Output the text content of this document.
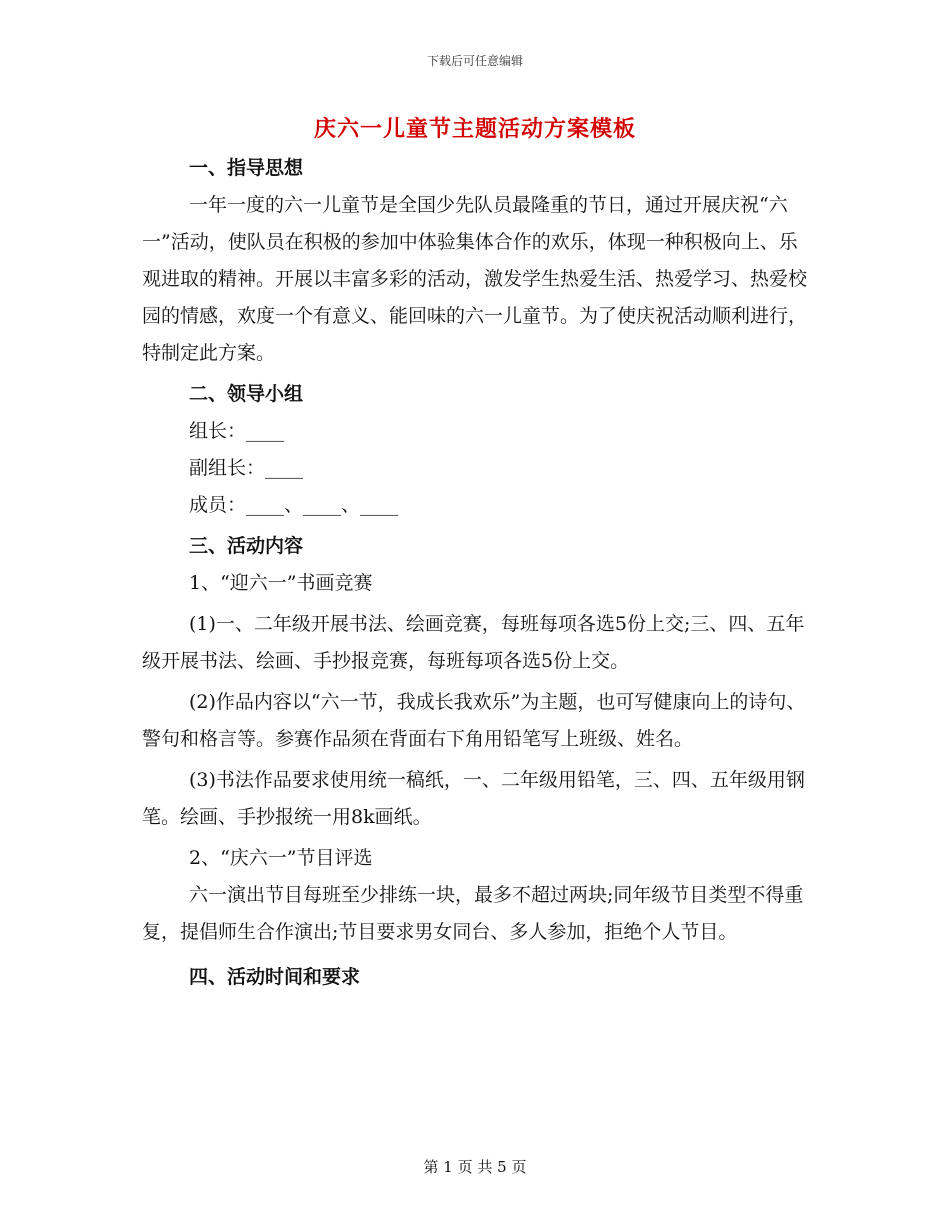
下载后可任意编辑
庆六一儿童节主题活动方案模板

一、指导思想

一年一度的六一儿童节是全国少先队员最隆重的节日，通过开展庆祝“六一”活动，使队员在积极的参加中体验集体合作的欢乐，体现一种积极向上、乐观进取的精神。开展以丰富多彩的活动，激发学生热爱生活、热爱学习、热爱校园的情感，欢度一个有意义、能回味的六一儿童节。为了使庆祝活动顺利进行，特制定此方案。

二、领导小组

组长：____

副组长：____

成员：____、____、____

三、活动内容

1、“迎六一”书画竞赛

(1)一、二年级开展书法、绘画竞赛，每班每项各选5份上交;三、四、五年级开展书法、绘画、手抄报竞赛，每班每项各选5份上交。

(2)作品内容以“六一节，我成长我欢乐”为主题，也可写健康向上的诗句、警句和格言等。参赛作品须在背面右下角用铅笔写上班级、姓名。

(3)书法作品要求使用统一稿纸，一、二年级用铅笔，三、四、五年级用钢笔。绘画、手抄报统一用8k画纸。

2、“庆六一”节目评选

六一演出节目每班至少排练一块，最多不超过两块;同年级节目类型不得重复，提倡师生合作演出;节目要求男女同台、多人参加，拒绝个人节目。

四、活动时间和要求

第 1 页 共 5 页
